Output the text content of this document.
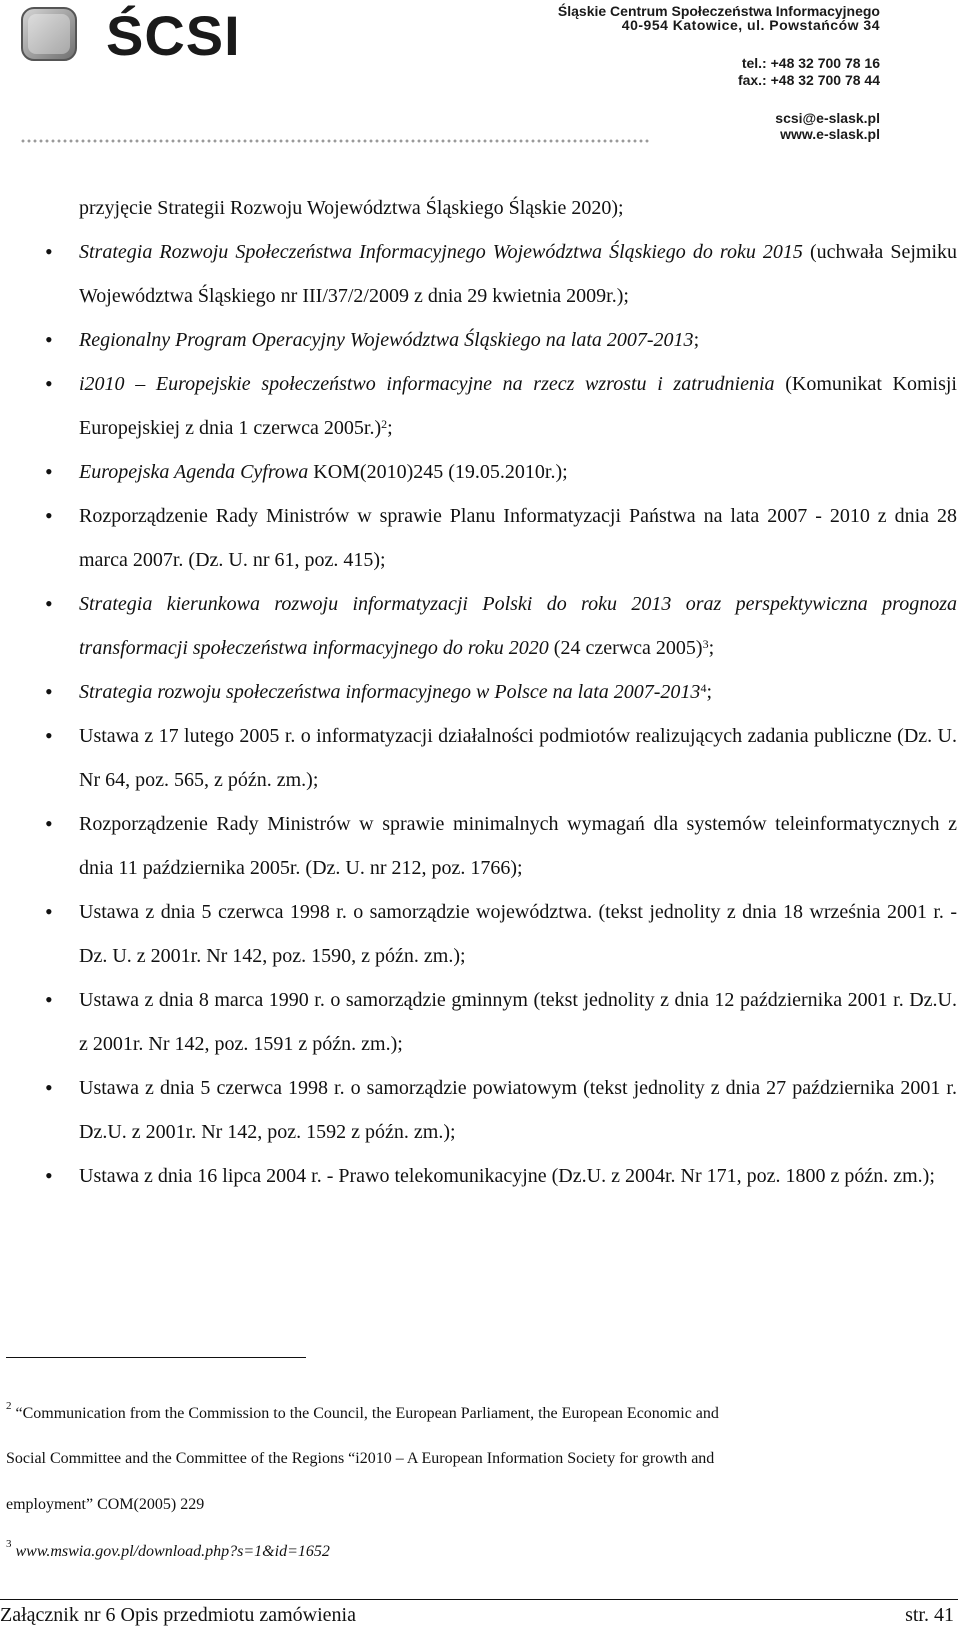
ŚCSI	Śląskie Centrum Społeczeństwa Informacyjnego
40-954 Katowice, ul. Powstańców 34
tel.: +48 32 700 78 16
fax.: +48 32 700 78 44
scsi@e-slask.pl
www.e-slask.pl
przyjęcie Strategii Rozwoju Województwa Śląskiego Śląskie 2020);
• Strategia Rozwoju Społeczeństwa Informacyjnego Województwa Śląskiego do roku 2015 (uchwała Sejmiku Województwa Śląskiego nr III/37/2/2009 z dnia 29 kwietnia 2009r.);
• Regionalny Program Operacyjny Województwa Śląskiego na lata 2007-2013;
• i2010 – Europejskie społeczeństwo informacyjne na rzecz wzrostu i zatrudnienia (Komunikat Komisji Europejskiej z dnia 1 czerwca 2005r.)$^2$;
• Europejska Agenda Cyfrowa KOM(2010)245 (19.05.2010r.);
• Rozporządzenie Rady Ministrów w sprawie Planu Informatyzacji Państwa na lata 2007 - 2010 z dnia 28 marca 2007r. (Dz. U. nr 61, poz. 415);
• Strategia kierunkowa rozwoju informatyzacji Polski do roku 2013 oraz perspektywiczna prognoza transformacji społeczeństwa informacyjnego do roku 2020 (24 czerwca 2005)$^3$;
• Strategia rozwoju społeczeństwa informacyjnego w Polsce na lata 2007-2013$^4$;
• Ustawa z 17 lutego 2005 r. o informatyzacji działalności podmiotów realizujących zadania publiczne (Dz. U. Nr 64, poz. 565, z późn. zm.);
• Rozporządzenie Rady Ministrów w sprawie minimalnych wymagań dla systemów teleinformatycznych z dnia 11 października 2005r. (Dz. U. nr 212, poz. 1766);
• Ustawa z dnia 5 czerwca 1998 r. o samorządzie województwa. (tekst jednolity z dnia 18 września 2001 r. - Dz. U. z 2001r. Nr 142, poz. 1590, z późn. zm.);
• Ustawa z dnia 8 marca 1990 r. o samorządzie gminnym (tekst jednolity z dnia 12 października 2001 r. Dz.U. z 2001r. Nr 142, poz. 1591 z późn. zm.);
• Ustawa z dnia 5 czerwca 1998 r. o samorządzie powiatowym (tekst jednolity z dnia 27 października 2001 r. Dz.U. z 2001r. Nr 142, poz. 1592 z późn. zm.);
• Ustawa z dnia 16 lipca 2004 r. - Prawo telekomunikacyjne (Dz.U. z 2004r. Nr 171, poz. 1800 z późn. zm.);
$^2$ “Communication from the Commission to the Council, the European Parliament, the European Economic and
Social Committee and the Committee of the Regions “i2010 – A European Information Society for growth and
employment” COM(2005) 229
$^3$ www.mswia.gov.pl/download.php?s=1&id=1652
Załącznik nr 6 Opis przedmiotu zamówienia	str. 41
